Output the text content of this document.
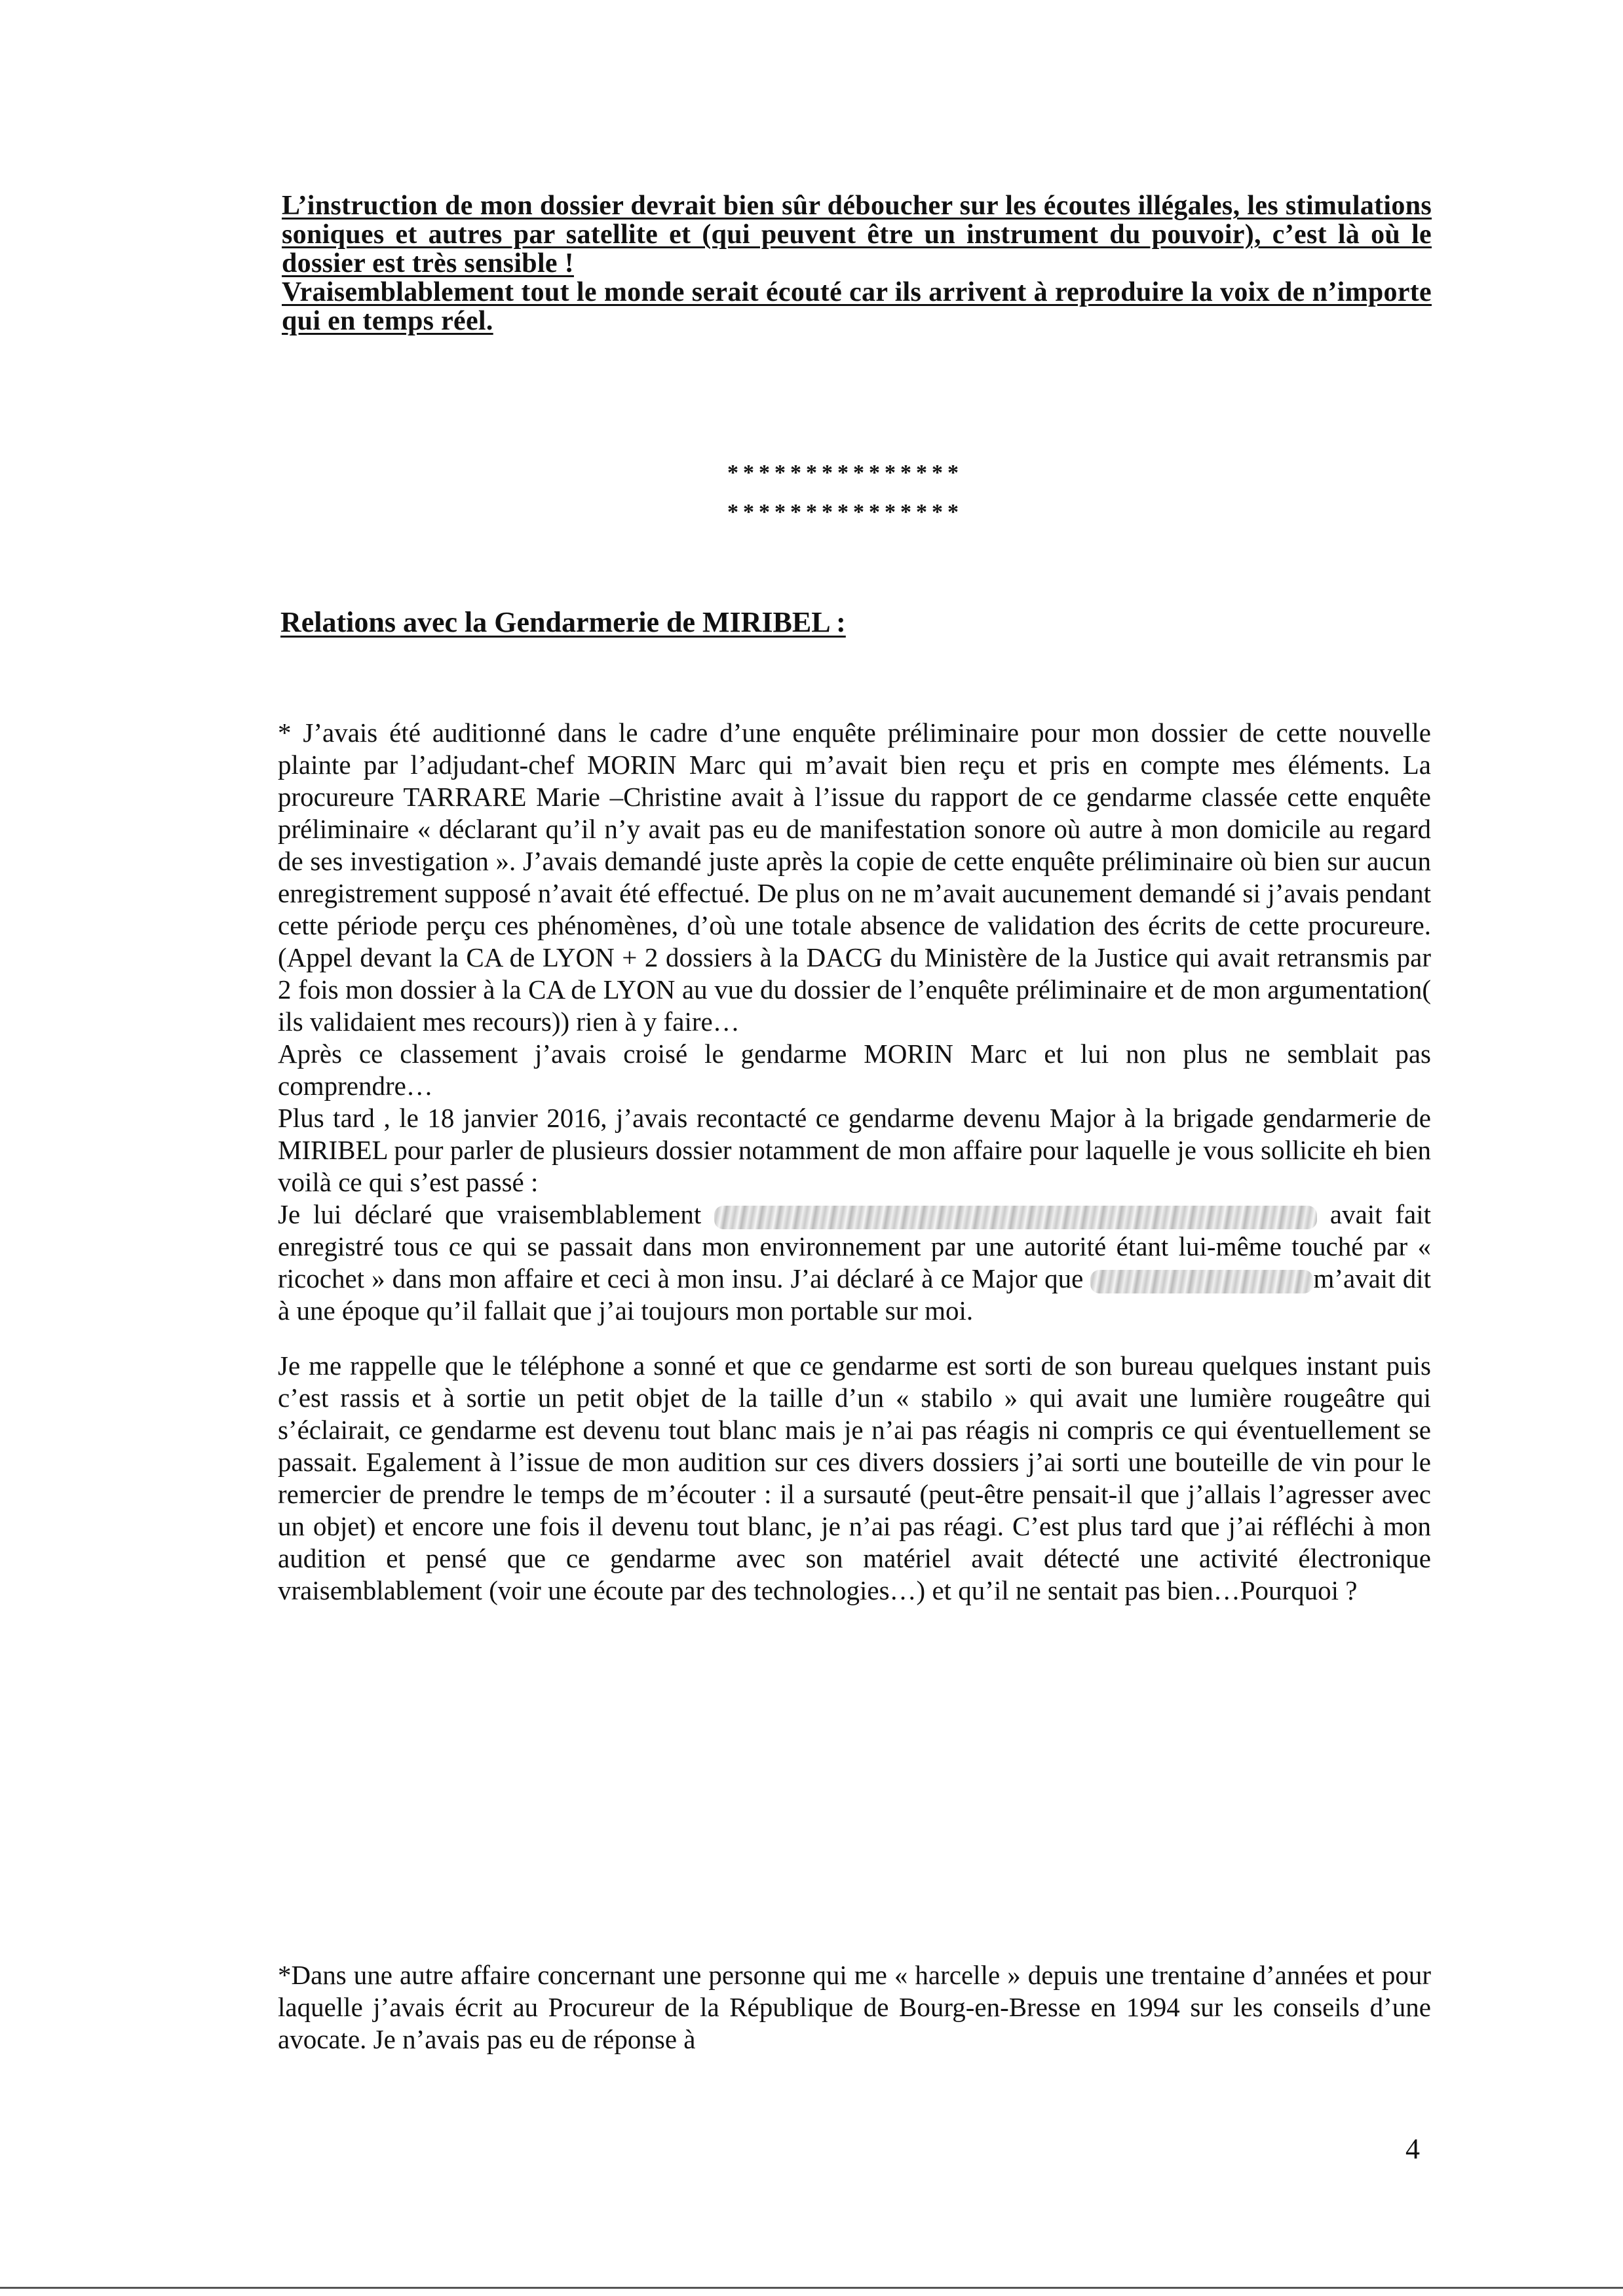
L’instruction de mon dossier devrait bien sûr déboucher sur les écoutes illégales, les stimulations soniques et autres par satellite et (qui peuvent être un instrument du pouvoir), c’est là où le dossier est très sensible !

Vraisemblablement tout le monde serait écouté car ils arrivent à reproduire la voix de n’importe qui en temps réel.

***************
***************
Relations avec la Gendarmerie de MIRIBEL :

* J’avais été auditionné dans le cadre d’une enquête préliminaire pour mon dossier de cette nouvelle plainte par l’adjudant-chef MORIN Marc qui m’avait bien reçu et pris en compte mes éléments. La procureure TARRARE Marie –Christine avait à l’issue du rapport de ce gendarme classée cette enquête préliminaire « déclarant qu’il n’y avait pas eu de manifestation sonore où autre à mon domicile au regard de ses investigation ». J’avais demandé juste après la copie de cette enquête préliminaire où bien sur aucun enregistrement supposé n’avait été effectué. De plus on ne m’avait aucunement demandé si j’avais pendant cette période perçu ces phénomènes, d’où une totale absence de validation des écrits de cette procureure. (Appel devant la CA de LYON + 2 dossiers à la DACG du Ministère de la Justice qui avait retransmis par 2 fois mon dossier à la CA de LYON au vue du dossier de l’enquête préliminaire et de mon argumentation( ils validaient mes recours)) rien à y faire…

Après ce classement j’avais croisé le gendarme MORIN Marc et lui non plus ne semblait pas comprendre…

Plus tard , le 18 janvier 2016, j’avais recontacté ce gendarme devenu Major à la brigade gendarmerie de MIRIBEL pour parler de plusieurs dossier notamment de mon affaire pour laquelle je vous sollicite eh bien voilà ce qui s’est passé :

Je lui déclaré que vraisemblablement	avait fait enregistré tous ce qui se passait dans mon environnement par une autorité étant lui-même touché par « ricochet » dans mon affaire et ceci à mon insu. J’ai déclaré à ce Major que	m’avait dit à une époque qu’il fallait que j’ai toujours mon portable sur moi.

Je me rappelle que le téléphone a sonné et que ce gendarme est sorti de son bureau quelques instant puis c’est rassis et à sortie un petit objet de la taille d’un « stabilo » qui avait une lumière rougeâtre qui s’éclairait, ce gendarme est devenu tout blanc mais je n’ai pas réagis ni compris ce qui éventuellement se passait. Egalement à l’issue de mon audition sur ces divers dossiers j’ai sorti une bouteille de vin pour le remercier de prendre le temps de m’écouter : il a sursauté (peut-être pensait-il que j’allais l’agresser avec un objet) et encore une fois il devenu tout blanc, je n’ai pas réagi. C’est plus tard que j’ai réfléchi à mon audition et pensé que ce gendarme avec son matériel avait détecté une activité électronique vraisemblablement (voir une écoute par des technologies…) et qu’il ne sentait pas bien…Pourquoi ?

*Dans une autre affaire concernant une personne qui me « harcelle » depuis une trentaine d’années et pour laquelle j’avais écrit au Procureur de la République de Bourg-en-Bresse en 1994 sur les conseils d’une avocate. Je n’avais pas eu de réponse à

4
